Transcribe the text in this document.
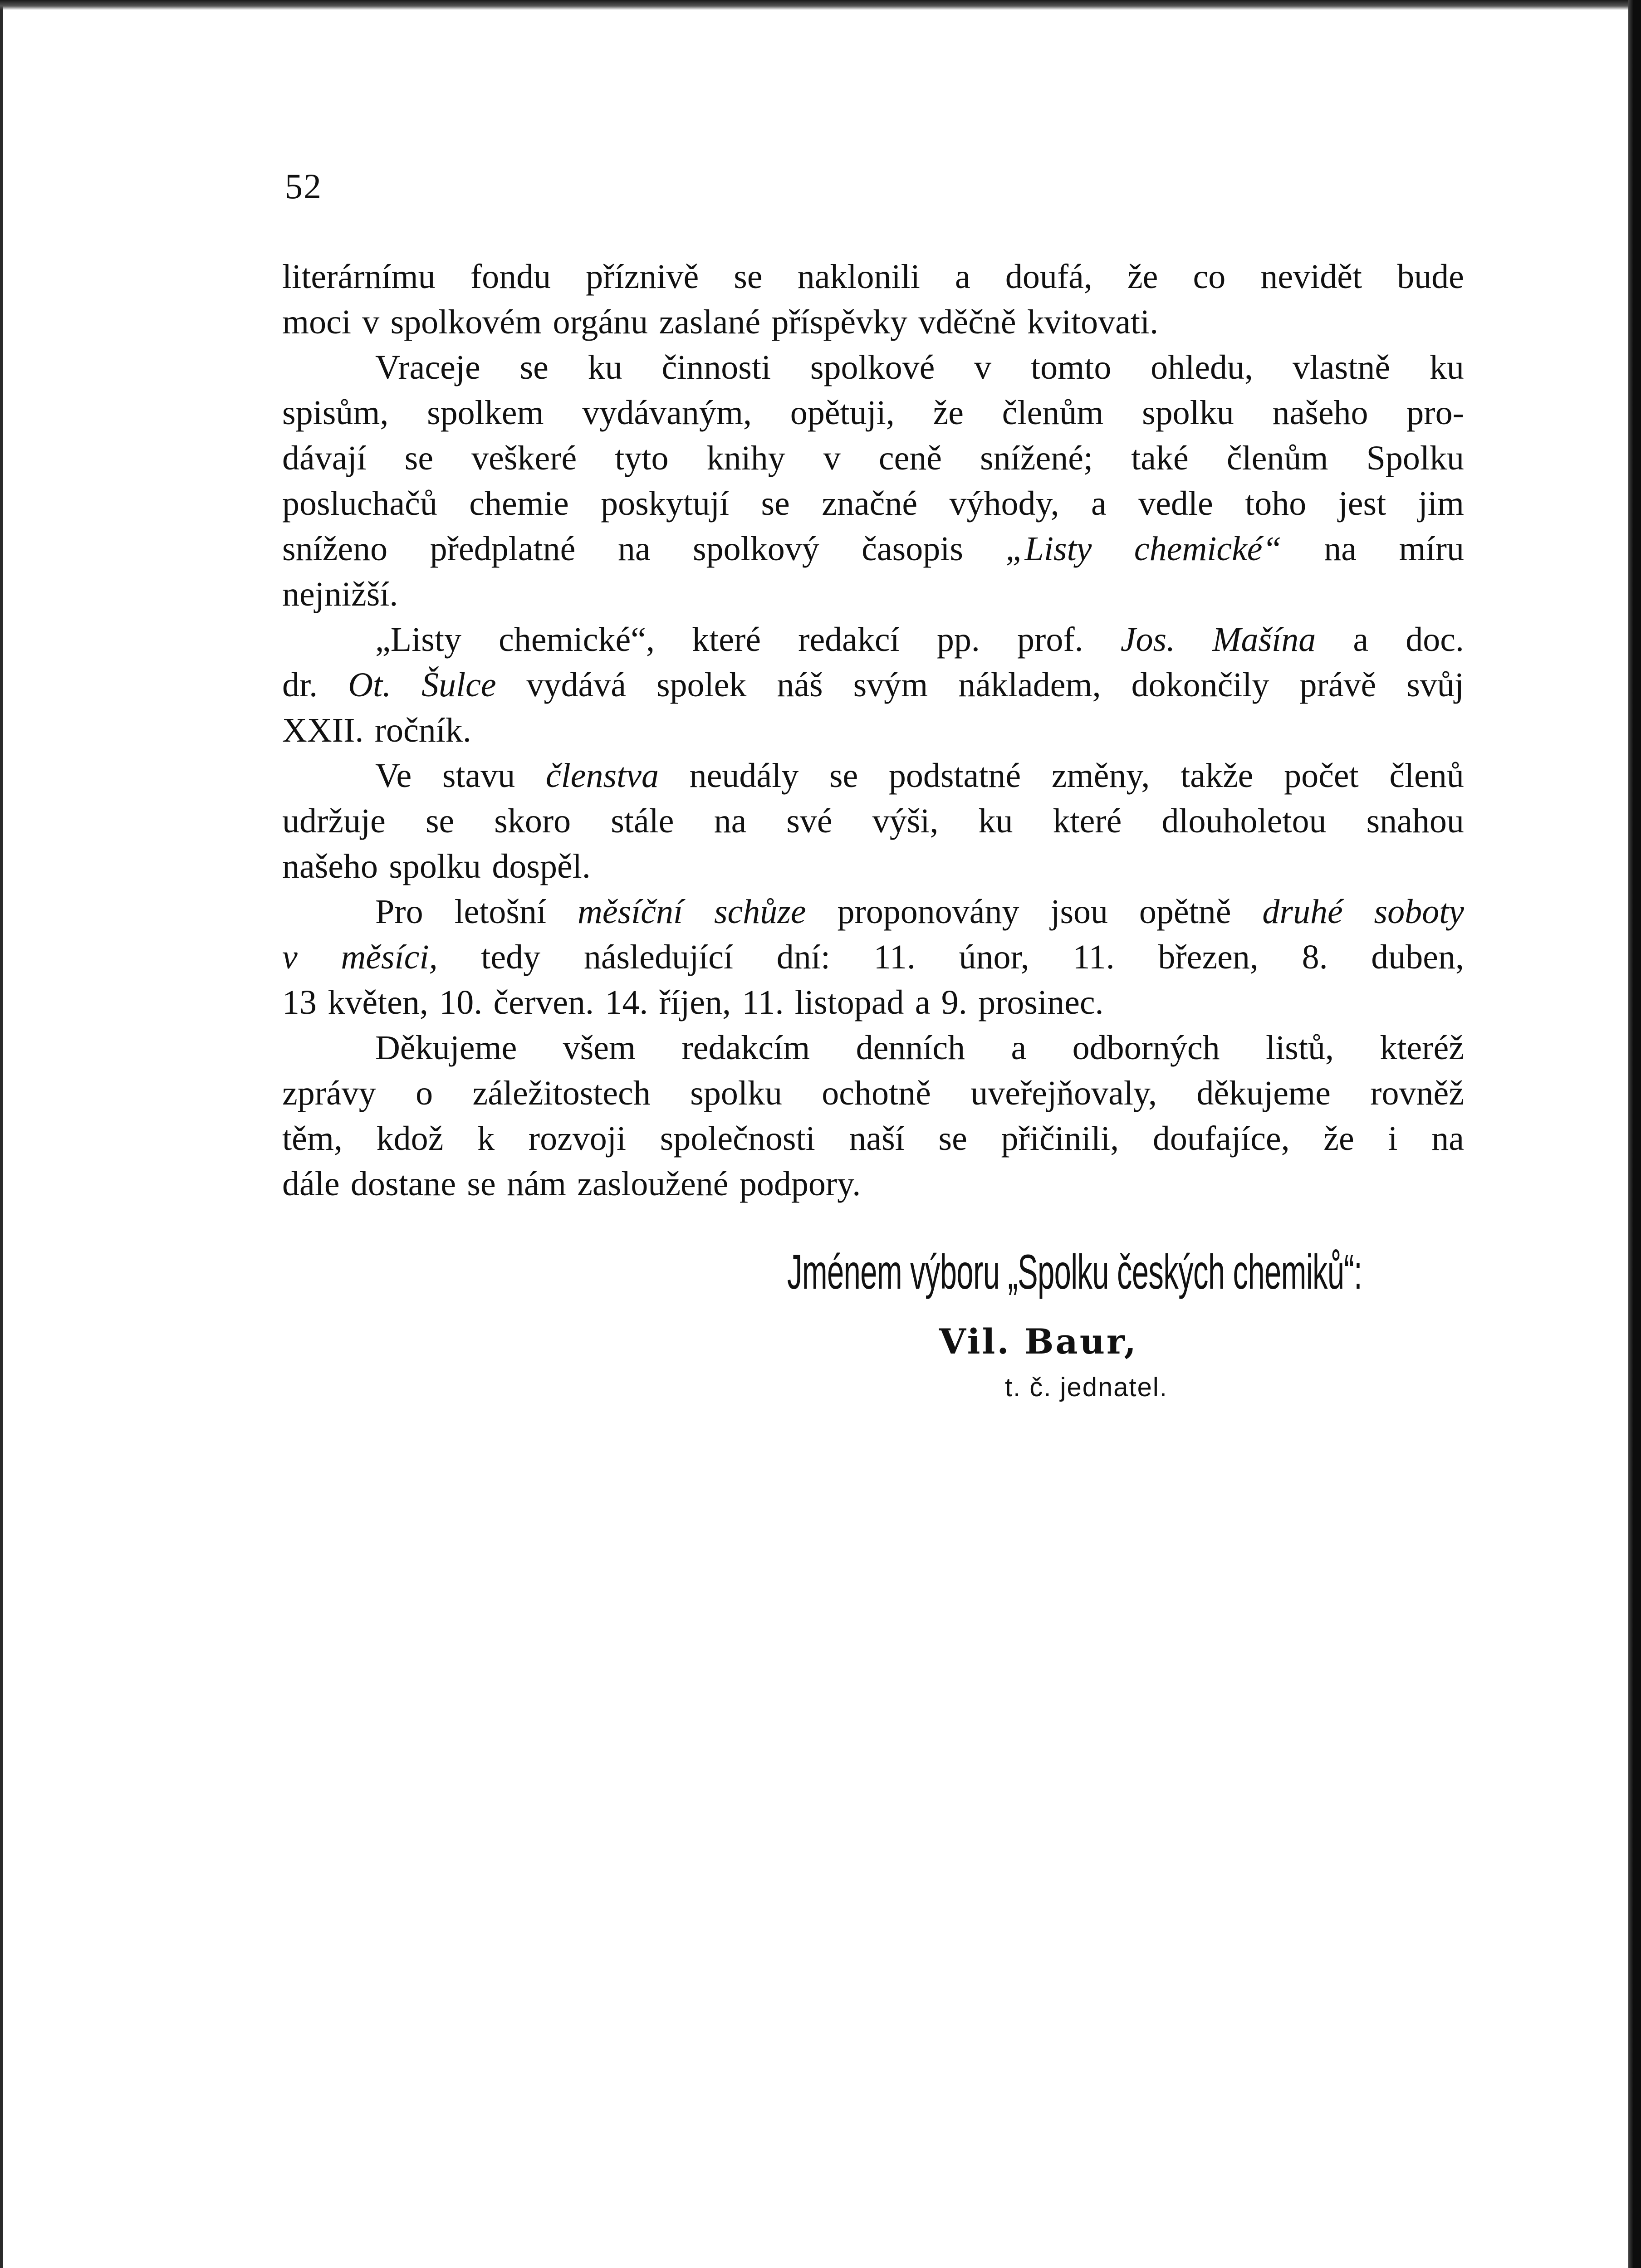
52
literárnímu fondu příznivě se naklonili a doufá, že co nevidět bude
moci v spolkovém orgánu zaslané příspěvky vděčně kvitovati.
Vraceje se ku činnosti spolkové v tomto ohledu, vlastně ku
spisům, spolkem vydávaným, opětuji, že členům spolku našeho pro-
dávají se veškeré tyto knihy v ceně snížené; také členům Spolku
posluchačů chemie poskytují se značné výhody, a vedle toho jest jim
sníženo předplatné na spolkový časopis „Listy chemické“ na míru
nejnižší.
„Listy chemické“, které redakcí pp. prof. Jos. Mašína a doc.
dr. Ot. Šulce vydává spolek náš svým nákladem, dokončily právě svůj
XXII. ročník.
Ve stavu členstva neudály se podstatné změny, takže počet členů
udržuje se skoro stále na své výši, ku které dlouholetou snahou
našeho spolku dospěl.
Pro letošní měsíční schůze proponovány jsou opětně druhé soboty
v měsíci, tedy následující dní: 11. únor, 11. březen, 8. duben,
13 květen, 10. červen. 14. říjen, 11. listopad a 9. prosinec.
Děkujeme všem redakcím denních a odborných listů, kteréž
zprávy o záležitostech spolku ochotně uveřejňovaly, děkujeme rovněž
těm, kdož k rozvoji společnosti naší se přičinili, doufajíce, že i na
dále dostane se nám zasloužené podpory.
Jménem výboru „Spolku českých chemiků“:
Vil. Baur,
t. č. jednatel.
